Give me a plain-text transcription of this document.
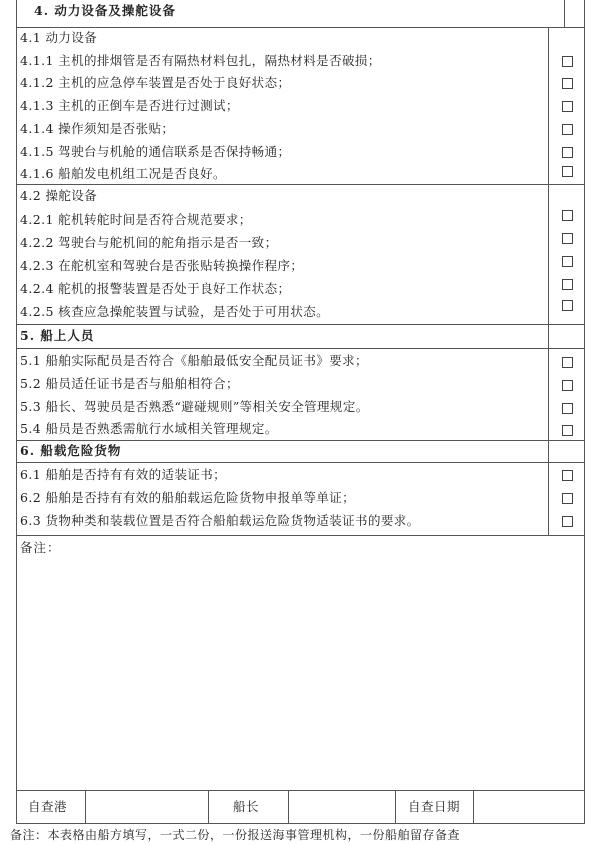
4. 动力设备及操舵设备
4.1 动力设备
4.1.1 主机的排烟管是否有隔热材料包扎，隔热材料是否破损；
4.1.2 主机的应急停车装置是否处于良好状态；
4.1.3 主机的正倒车是否进行过测试；
4.1.4 操作须知是否张贴；
4.1.5 驾驶台与机舱的通信联系是否保持畅通；
4.1.6 船舶发电机组工况是否良好。
4.2 操舵设备
4.2.1 舵机转舵时间是否符合规范要求；
4.2.2 驾驶台与舵机间的舵角指示是否一致；
4.2.3 在舵机室和驾驶台是否张贴转换操作程序；
4.2.4 舵机的报警装置是否处于良好工作状态；
4.2.5 核查应急操舵装置与试验，是否处于可用状态。
5. 船上人员
5.1 船舶实际配员是否符合《船舶最低安全配员证书》要求；
5.2 船员适任证书是否与船舶相符合；
5.3 船长、驾驶员是否熟悉“避碰规则”等相关安全管理规定。
5.4 船员是否熟悉需航行水域相关管理规定。
6. 船载危险货物
6.1 船舶是否持有有效的适装证书；
6.2 船舶是否持有有效的船舶载运危险货物申报单等单证；
6.3 货物种类和装载位置是否符合船舶载运危险货物适装证书的要求。
备注：
自查港	船长	自查日期
备注：本表格由船方填写，一式二份，一份报送海事管理机构，一份船舶留存备查
